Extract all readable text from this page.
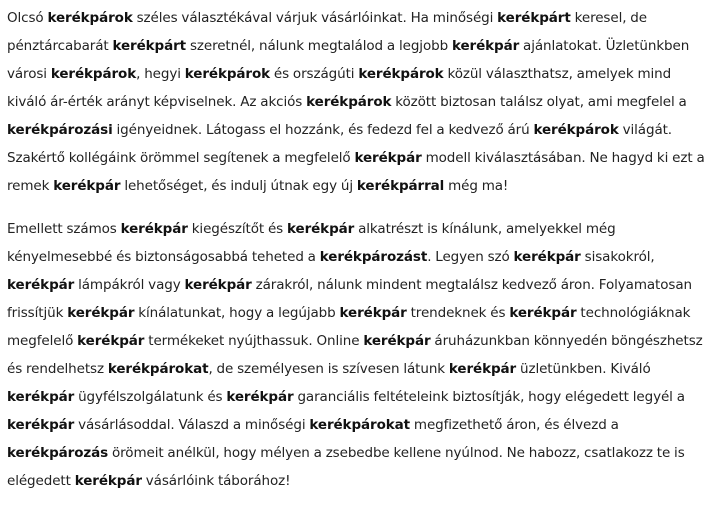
Olcsó kerékpárok széles választékával várjuk vásárlóinkat. Ha minőségi kerékpárt keresel, de pénztárcabarát kerékpárt szeretnél, nálunk megtalálod a legjobb kerékpár ajánlatokat. Üzletünkben városi kerékpárok, hegyi kerékpárok és országúti kerékpárok közül választhatsz, amelyek mind kiváló ár-érték arányt képviselnek. Az akciós kerékpárok között biztosan találsz olyat, ami megfelel a kerékpározási igényeidnek. Látogass el hozzánk, és fedezd fel a kedvező árú kerékpárok világát. Szakértő kollégáink örömmel segítenek a megfelelő kerékpár modell kiválasztásában. Ne hagyd ki ezt a remek kerékpár lehetőséget, és indulj útnak egy új kerékpárral még ma!

Emellett számos kerékpár kiegészítőt és kerékpár alkatrészt is kínálunk, amelyekkel még kényelmesebbé és biztonságosabbá teheted a kerékpározást. Legyen szó kerékpár sisakokról, kerékpár lámpákról vagy kerékpár zárakról, nálunk mindent megtalálsz kedvező áron. Folyamatosan frissítjük kerékpár kínálatunkat, hogy a legújabb kerékpár trendeknek és kerékpár technológiáknak megfelelő kerékpár termékeket nyújthassuk. Online kerékpár áruházunkban könnyedén böngészhetsz és rendelhetsz kerékpárokat, de személyesen is szívesen látunk kerékpár üzletünkben. Kiváló kerékpár ügyfélszolgálatunk és kerékpár garanciális feltételeink biztosítják, hogy elégedett legyél a kerékpár vásárlásoddal. Válaszd a minőségi kerékpárokat megfizethető áron, és élvezd a kerékpározás örömeit anélkül, hogy mélyen a zsebedbe kellene nyúlnod. Ne habozz, csatlakozz te is elégedett kerékpár vásárlóink táborához!
